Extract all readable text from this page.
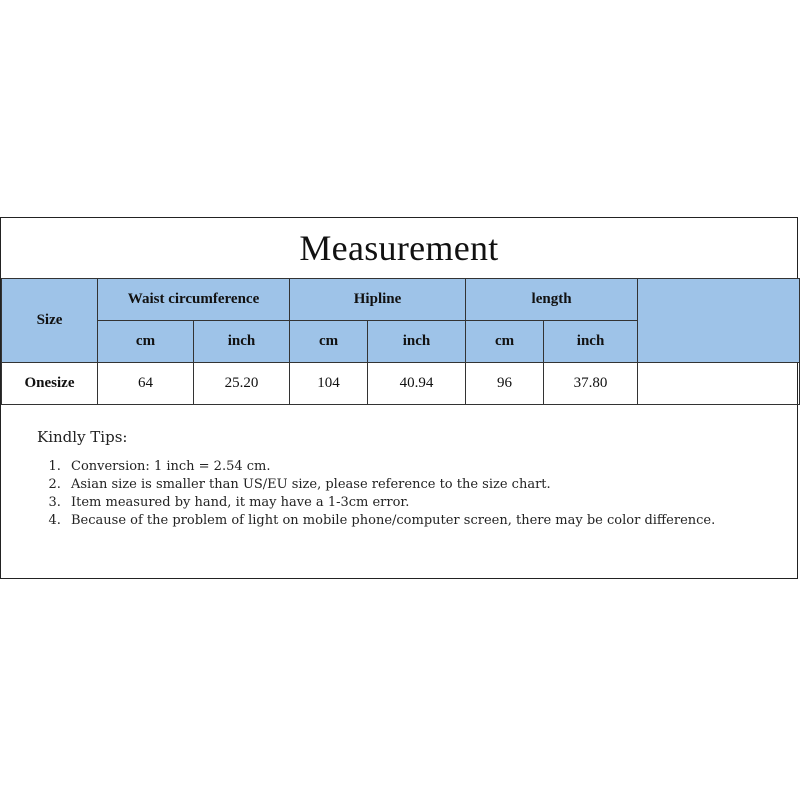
Measurement
Size	Waist circumference		Hipline		length		
	cm	inch	cm	inch	cm	inch	
Onesize	64	25.20	104	40.94	96	37.80	
Kindly Tips:
1. Conversion: 1 inch = 2.54 cm.
2. Asian size is smaller than US/EU size, please reference to the size chart.
3. Item measured by hand, it may have a 1-3cm error.
4. Because of the problem of light on mobile phone/computer screen, there may be color difference.
